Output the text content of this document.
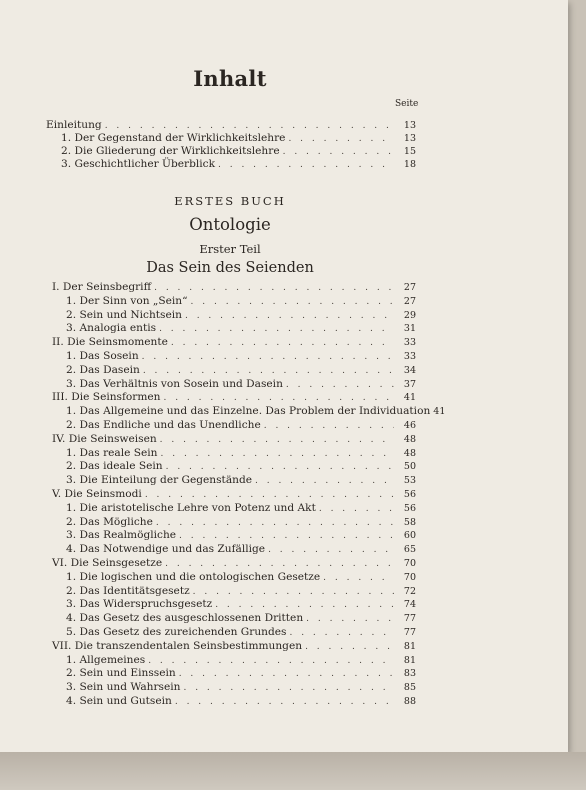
Inhalt
Seite
Einleitung . . .	13
1. Der Gegenstand der Wirklichkeitslehre . . .	13
2. Die Gliederung der Wirklichkeitslehre . . .	15
3. Geschichtlicher Überblick . . .	18
ERSTES BUCH
Ontologie
Erster Teil
Das Sein des Seienden
I. Der Seinsbegriff . . .	27
1. Der Sinn von „Sein“ . . .	27
2. Sein und Nichtsein . . .	29
3. Analogia entis . . .	31
II. Die Seinsmomente . . .	33
1. Das Sosein . . .	33
2. Das Dasein . . .	34
3. Das Verhältnis von Sosein und Dasein . . .	37
III. Die Seinsformen . . .	41
1. Das Allgemeine und das Einzelne. Das Problem der Individuation 41
2. Das Endliche und das Unendliche . . .	46
IV. Die Seinsweisen . . .	48
1. Das reale Sein . . .	48
2. Das ideale Sein . . .	50
3. Die Einteilung der Gegenstände . . .	53
V. Die Seinsmodi . . .	56
1. Die aristotelische Lehre von Potenz und Akt . . .	56
2. Das Mögliche . . .	58
3. Das Realmögliche . . .	60
4. Das Notwendige und das Zufällige . . .	65
VI. Die Seinsgesetze . . .	70
1. Die logischen und die ontologischen Gesetze . . .	70
2. Das Identitätsgesetz . . .	72
3. Das Widerspruchsgesetz . . .	74
4. Das Gesetz des ausgeschlossenen Dritten . . .	77
5. Das Gesetz des zureichenden Grundes . . .	77
VII. Die transzendentalen Seinsbestimmungen . . .	81
1. Allgemeines . . .	81
2. Sein und Einssein . . .	83
3. Sein und Wahrsein . . .	85
4. Sein und Gutsein . . .	88
